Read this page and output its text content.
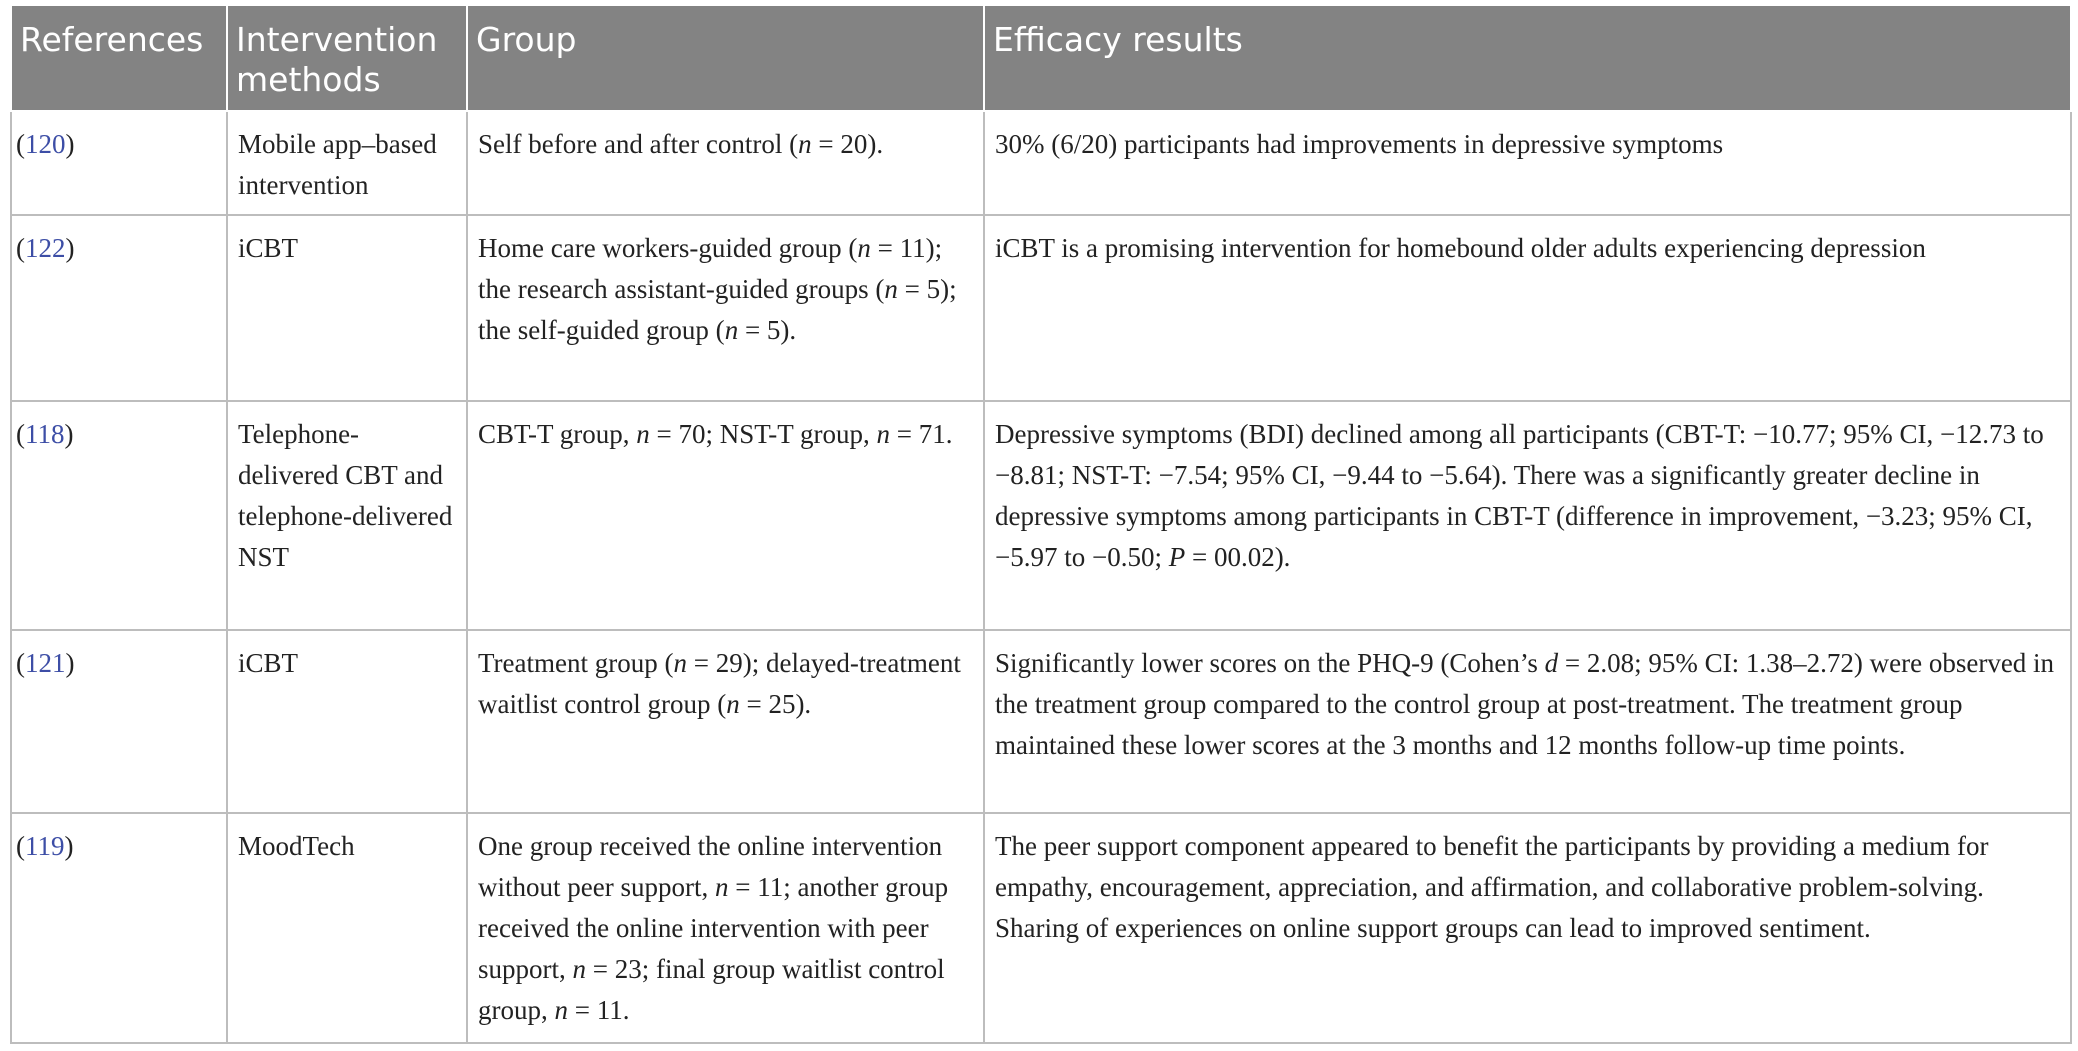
References	Intervention methods	Group	Efficacy results
(120)	Mobile app–based intervention	Self before and after control (n = 20).	30% (6/20) participants had improvements in depressive symptoms
(122)	iCBT	Home care workers-guided group (n = 11); the research assistant-guided groups (n = 5); the self-guided group (n = 5).	iCBT is a promising intervention for homebound older adults experiencing depression
(118)	Telephone-delivered CBT and telephone-delivered NST	CBT-T group, n = 70; NST-T group, n = 71.	Depressive symptoms (BDI) declined among all participants (CBT-T: −10.77; 95% CI, −12.73 to −8.81; NST-T: −7.54; 95% CI, −9.44 to −5.64). There was a significantly greater decline in depressive symptoms among participants in CBT-T (difference in improvement, −3.23; 95% CI, −5.97 to −0.50; P = 00.02).
(121)	iCBT	Treatment group (n = 29); delayed-treatment waitlist control group (n = 25).	Significantly lower scores on the PHQ-9 (Cohen’s d = 2.08; 95% CI: 1.38–2.72) were observed in the treatment group compared to the control group at post-treatment. The treatment group maintained these lower scores at the 3 months and 12 months follow-up time points.
(119)	MoodTech	One group received the online intervention without peer support, n = 11; another group received the online intervention with peer support, n = 23; final group waitlist control group, n = 11.	The peer support component appeared to benefit the participants by providing a medium for empathy, encouragement, appreciation, and affirmation, and collaborative problem-solving. Sharing of experiences on online support groups can lead to improved sentiment.
